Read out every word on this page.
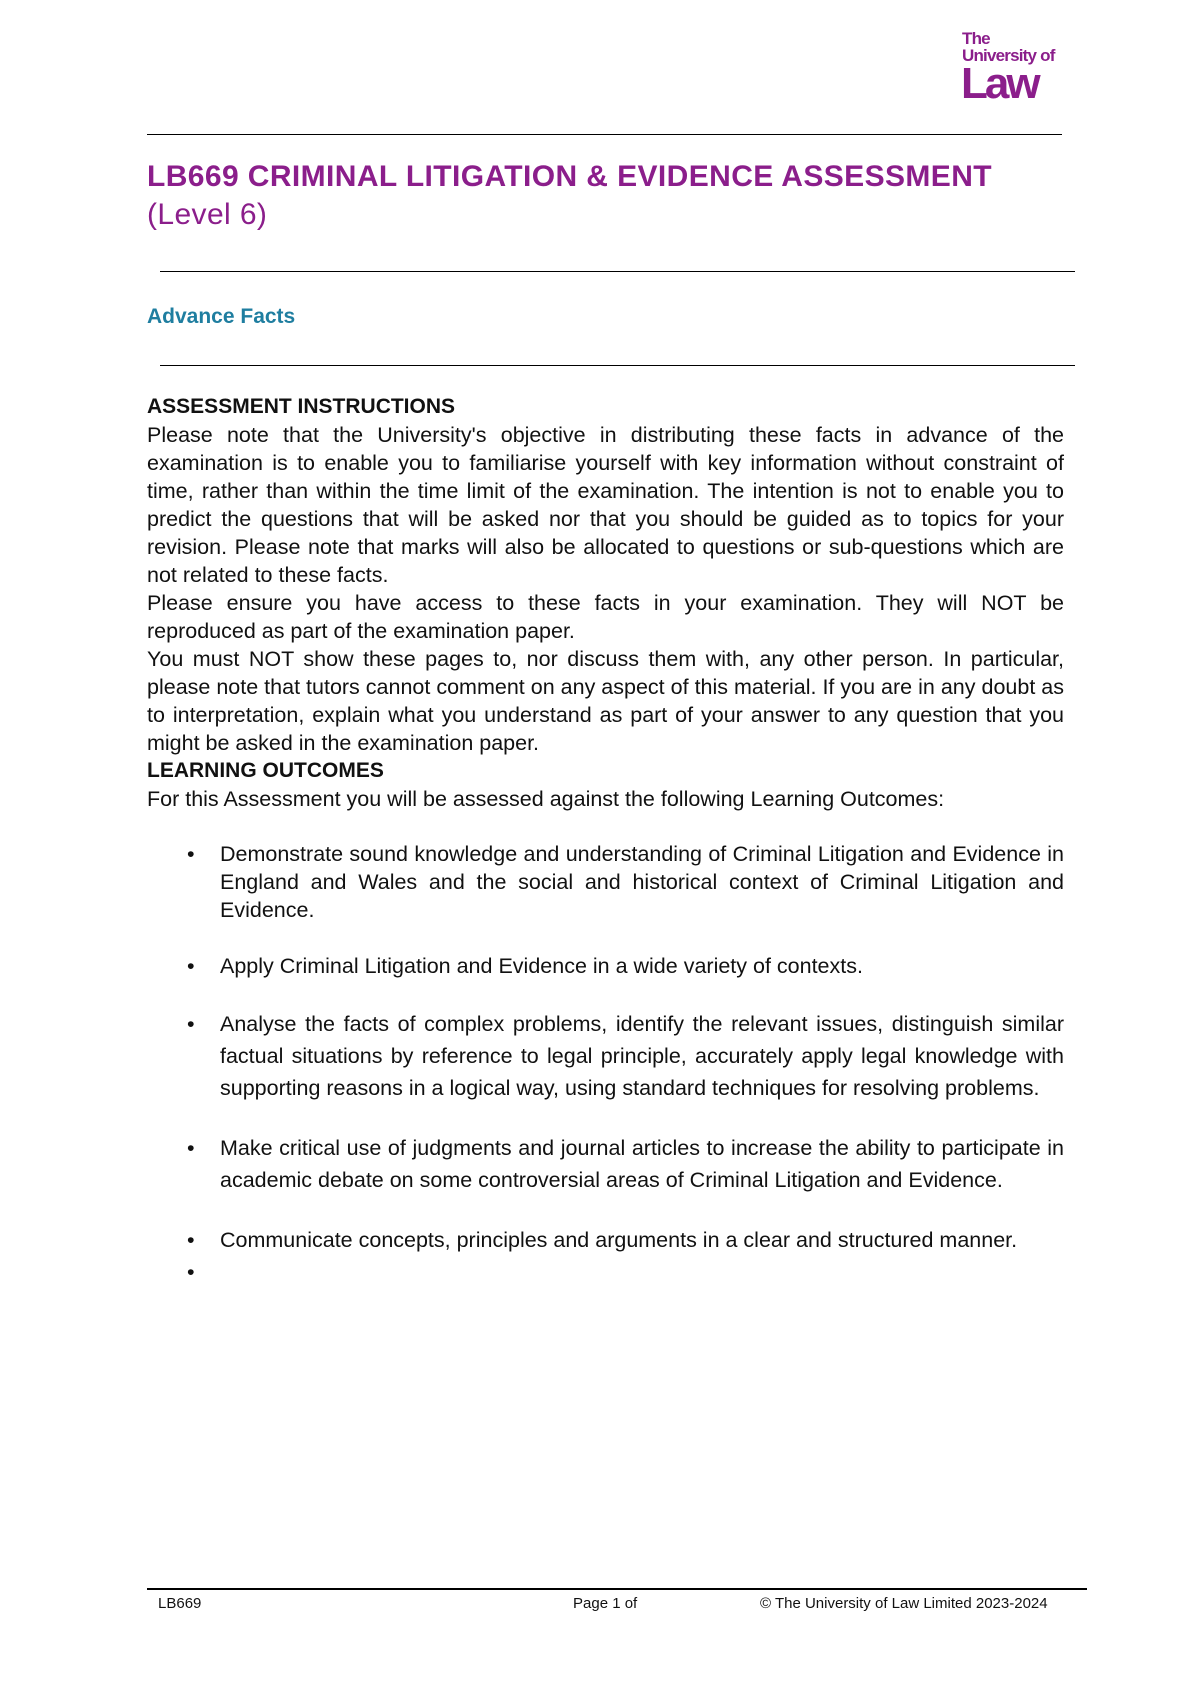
The
University of
Law
LB669 CRIMINAL LITIGATION & EVIDENCE ASSESSMENT
(Level 6)
Advance Facts
ASSESSMENT INSTRUCTIONS

Please note that the University's objective in distributing these facts in advance of the examination is to enable you to familiarise yourself with key information without constraint of time, rather than within the time limit of the examination. The intention is not to enable you to predict the questions that will be asked nor that you should be guided as to topics for your revision. Please note that marks will also be allocated to questions or sub-questions which are not related to these facts.

Please ensure you have access to these facts in your examination. They will NOT be reproduced as part of the examination paper.

You must NOT show these pages to, nor discuss them with, any other person. In particular, please note that tutors cannot comment on any aspect of this material. If you are in any doubt as to interpretation, explain what you understand as part of your answer to any question that you might be asked in the examination paper.

LEARNING OUTCOMES

For this Assessment you will be assessed against the following Learning Outcomes:

• Demonstrate sound knowledge and understanding of Criminal Litigation and Evidence in England and Wales and the social and historical context of Criminal Litigation and Evidence.
• Apply Criminal Litigation and Evidence in a wide variety of contexts.
• Analyse the facts of complex problems, identify the relevant issues, distinguish similar factual situations by reference to legal principle, accurately apply legal knowledge with supporting reasons in a logical way, using standard techniques for resolving problems.
• Make critical use of judgments and journal articles to increase the ability to participate in academic debate on some controversial areas of Criminal Litigation and Evidence.
• Communicate concepts, principles and arguments in a clear and structured manner.
•
LB669	Page 1 of	© The University of Law Limited 2023-2024
